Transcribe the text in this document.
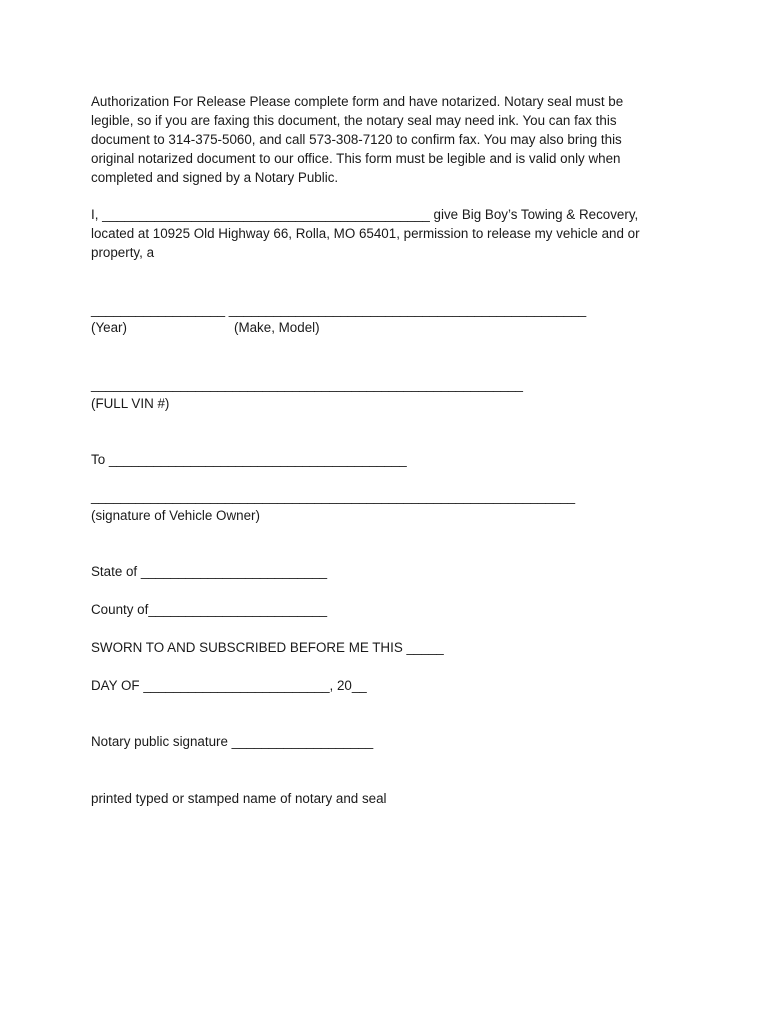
Authorization For Release Please complete form and have notarized. Notary seal must be
legible, so if you are faxing this document, the notary seal may need ink. You can fax this
document to 314-375-5060, and call 573-308-7120 to confirm fax. You may also bring this
original notarized document to our office. This form must be legible and is valid only when
completed and signed by a Notary Public.
I, ____________________________________________ give Big Boy’s Towing & Recovery,
located at 10925 Old Highway 66, Rolla, MO 65401, permission to release my vehicle and or
property, a
__________________ ________________________________________________
(Year)	(Make, Model)
__________________________________________________________
(FULL VIN #)
To ________________________________________
_________________________________________________________________
(signature of Vehicle Owner)
State of _________________________
County of________________________
SWORN TO AND SUBSCRIBED BEFORE ME THIS _____
DAY OF _________________________, 20__
Notary public signature ___________________
printed typed or stamped name of notary and seal
